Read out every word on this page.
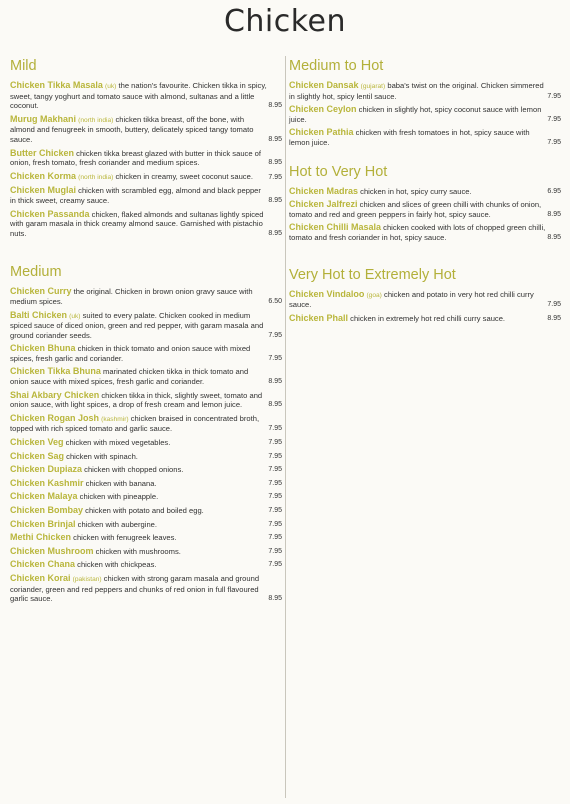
Chicken
Mild
Chicken Tikka Masala (uk) the nation's favourite. Chicken tikka in spicy, sweet, tangy yoghurt and tomato sauce with almond, sultanas and a little coconut.	8.95
Murug Makhani (north india) chicken tikka breast, off the bone, with almond and fenugreek in smooth, buttery, delicately spiced tangy tomato sauce.	8.95
Butter Chicken chicken tikka breast glazed with butter in thick sauce of onion, fresh tomato, fresh coriander and medium spices.	8.95
Chicken Korma (north india) chicken in creamy, sweet coconut sauce. 7.95
Chicken Muglai chicken with scrambled egg, almond and black pepper in thick sweet, creamy sauce.	8.95
Chicken Passanda chicken, flaked almonds and sultanas lightly spiced with garam masala in thick creamy almond sauce. Garnished with pistachio nuts.	8.95
Medium
Chicken Curry the original. Chicken in brown onion gravy sauce with medium spices.	6.50
Balti Chicken (uk) suited to every palate. Chicken cooked in medium spiced sauce of diced onion, green and red pepper, with garam masala and ground coriander seeds.	7.95
Chicken Bhuna chicken in thick tomato and onion sauce with mixed spices, fresh garlic and coriander.	7.95
Chicken Tikka Bhuna marinated chicken tikka in thick tomato and onion sauce with mixed spices, fresh garlic and coriander.	8.95
Shai Akbary Chicken chicken tikka in thick, slightly sweet, tomato and onion sauce, with light spices, a drop of fresh cream and lemon juice.	8.95
Chicken Rogan Josh (kashmir) chicken braised in concentrated broth, topped with rich spiced tomato and garlic sauce.	7.95
Chicken Veg chicken with mixed vegetables.	7.95
Chicken Sag chicken with spinach.	7.95
Chicken Dupiaza chicken with chopped onions.	7.95
Chicken Kashmir chicken with banana.	7.95
Chicken Malaya chicken with pineapple.	7.95
Chicken Bombay chicken with potato and boiled egg.	7.95
Chicken Brinjal chicken with aubergine.	7.95
Methi Chicken chicken with fenugreek leaves.	7.95
Chicken Mushroom chicken with mushrooms.	7.95
Chicken Chana chicken with chickpeas.	7.95
Chicken Korai (pakistan) chicken with strong garam masala and ground coriander, green and red peppers and chunks of red onion in full flavoured garlic sauce.	8.95
Medium to Hot
Chicken Dansak (gujarat) baba's twist on the original. Chicken simmered in slightly hot, spicy lentil sauce.	7.95
Chicken Ceylon chicken in slightly hot, spicy coconut sauce with lemon juice.	7.95
Chicken Pathia chicken with fresh tomatoes in hot, spicy sauce with lemon juice.	7.95
Hot to Very Hot
Chicken Madras chicken in hot, spicy curry sauce.	6.95
Chicken Jalfrezi chicken and slices of green chilli with chunks of onion, tomato and red and green peppers in fairly hot, spicy sauce.	8.95
Chicken Chilli Masala chicken cooked with lots of chopped green chilli, tomato and fresh coriander in hot, spicy sauce.	8.95
Very Hot to Extremely Hot
Chicken Vindaloo (goa) chicken and potato in very hot red chilli curry sauce.	7.95
Chicken Phall chicken in extremely hot red chilli curry sauce.	8.95
